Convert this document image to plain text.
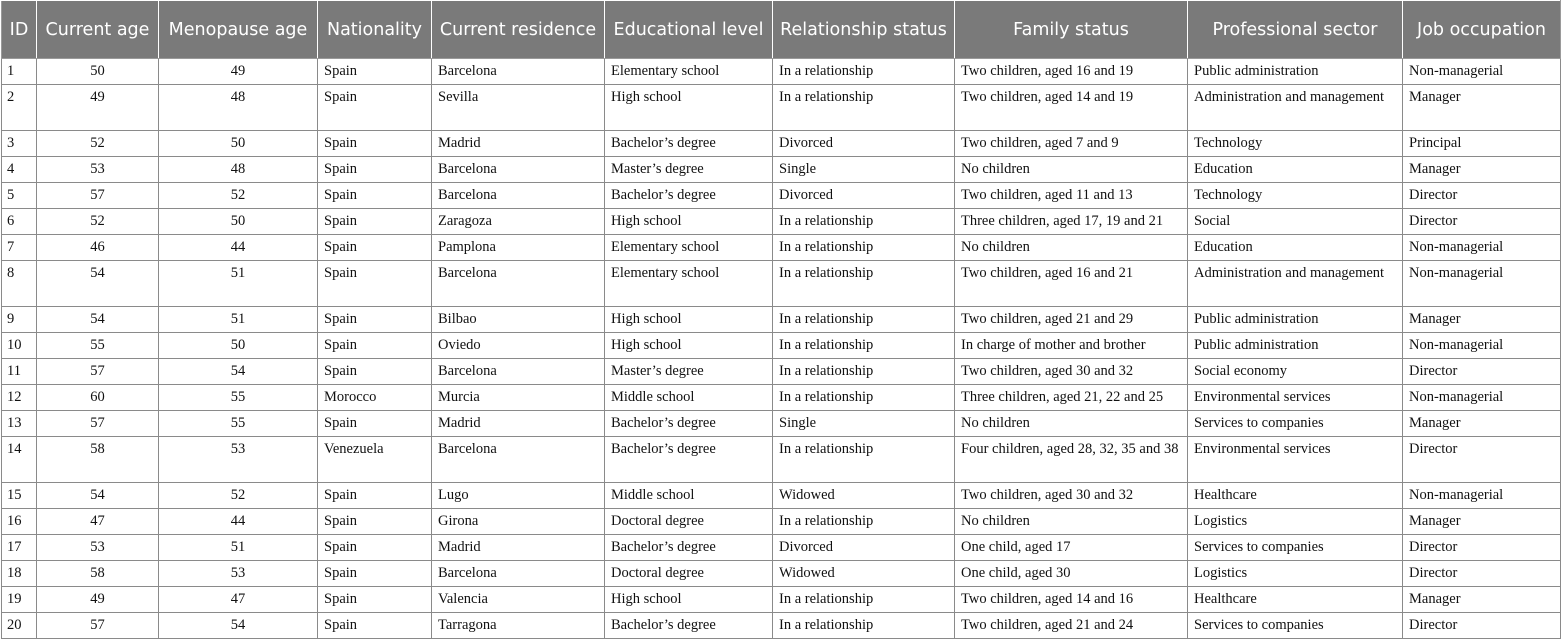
ID	Current age	Menopause age	Nationality	Current residence	Educational level	Relationship status	Family status	Professional sector	Job occupation
1	50	49	Spain	Barcelona	Elementary school	In a relationship	Two children, aged 16 and 19	Public administration	Non-managerial
2	49	48	Spain	Sevilla	High school	In a relationship	Two children, aged 14 and 19	Administration and management	Manager
3	52	50	Spain	Madrid	Bachelor’s degree	Divorced	Two children, aged 7 and 9	Technology	Principal
4	53	48	Spain	Barcelona	Master’s degree	Single	No children	Education	Manager
5	57	52	Spain	Barcelona	Bachelor’s degree	Divorced	Two children, aged 11 and 13	Technology	Director
6	52	50	Spain	Zaragoza	High school	In a relationship	Three children, aged 17, 19 and 21	Social	Director
7	46	44	Spain	Pamplona	Elementary school	In a relationship	No children	Education	Non-managerial
8	54	51	Spain	Barcelona	Elementary school	In a relationship	Two children, aged 16 and 21	Administration and management	Non-managerial
9	54	51	Spain	Bilbao	High school	In a relationship	Two children, aged 21 and 29	Public administration	Manager
10	55	50	Spain	Oviedo	High school	In a relationship	In charge of mother and brother	Public administration	Non-managerial
11	57	54	Spain	Barcelona	Master’s degree	In a relationship	Two children, aged 30 and 32	Social economy	Director
12	60	55	Morocco	Murcia	Middle school	In a relationship	Three children, aged 21, 22 and 25	Environmental services	Non-managerial
13	57	55	Spain	Madrid	Bachelor’s degree	Single	No children	Services to companies	Manager
14	58	53	Venezuela	Barcelona	Bachelor’s degree	In a relationship	Four children, aged 28, 32, 35 and 38	Environmental services	Director
15	54	52	Spain	Lugo	Middle school	Widowed	Two children, aged 30 and 32	Healthcare	Non-managerial
16	47	44	Spain	Girona	Doctoral degree	In a relationship	No children	Logistics	Manager
17	53	51	Spain	Madrid	Bachelor’s degree	Divorced	One child, aged 17	Services to companies	Director
18	58	53	Spain	Barcelona	Doctoral degree	Widowed	One child, aged 30	Logistics	Director
19	49	47	Spain	Valencia	High school	In a relationship	Two children, aged 14 and 16	Healthcare	Manager
20	57	54	Spain	Tarragona	Bachelor’s degree	In a relationship	Two children, aged 21 and 24	Services to companies	Director
